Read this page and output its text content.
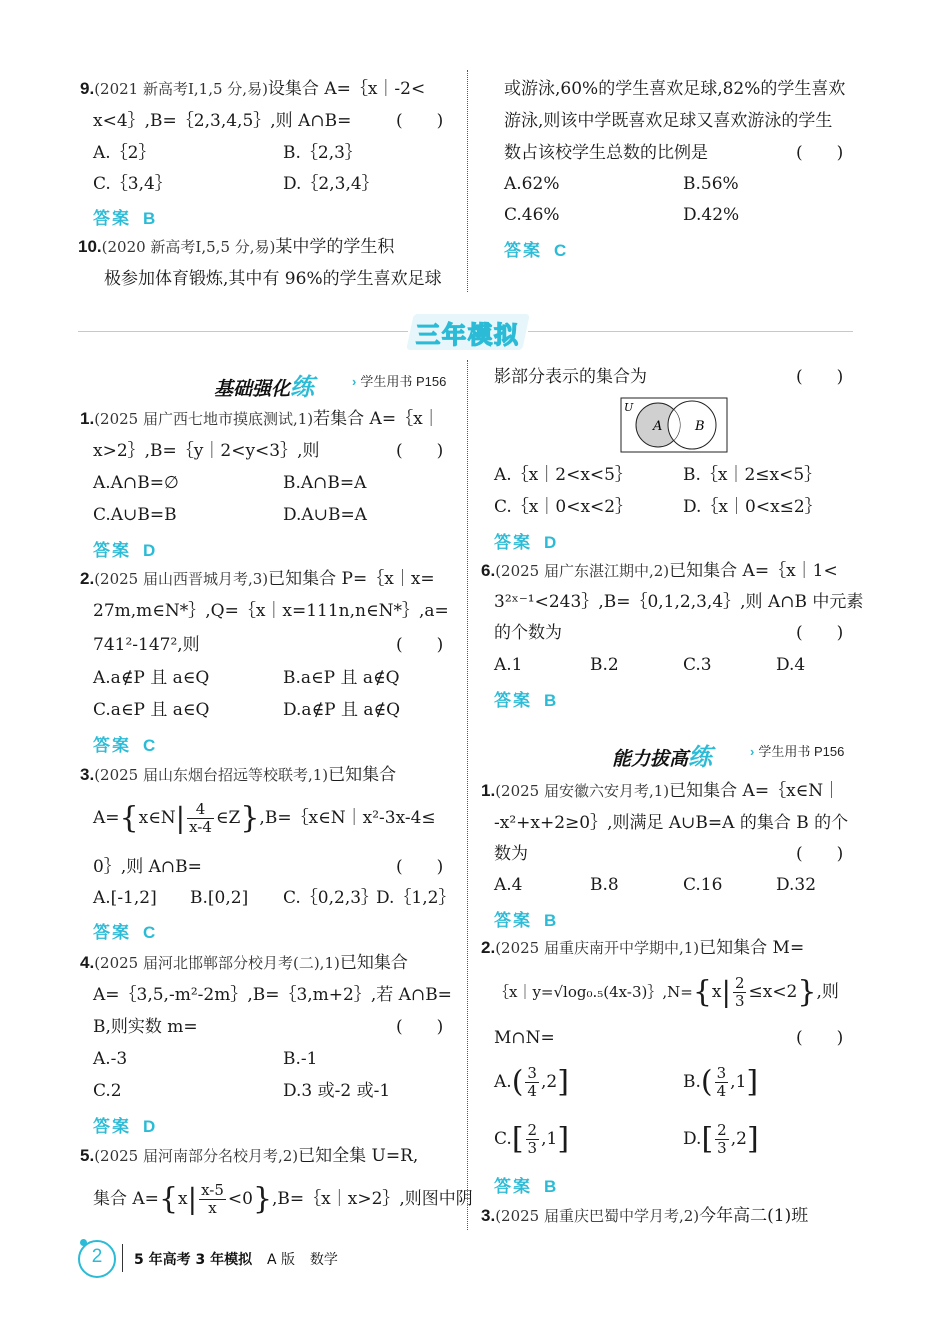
9.(2021 新高考Ⅰ,1,5 分,易)设集合 A=｛x｜-2<
x<4｝,B=｛2,3,4,5｝,则 A∩B=	(　　)
A.｛2｝	B.｛2,3｝
C.｛3,4｝	D.｛2,3,4｝
答案 B
10.(2020 新高考Ⅰ,5,5 分,易)某中学的学生积
极参加体育锻炼,其中有 96%的学生喜欢足球
或游泳,60%的学生喜欢足球,82%的学生喜欢
游泳,则该中学既喜欢足球又喜欢游泳的学生
数占该校学生总数的比例是	(　　)
A.62%	B.56%
C.46%	D.42%
答案 C
三年模拟
基础强化练	› 学生用书 P156
1.(2025 届广西七地市摸底测试,1)若集合 A=｛x｜
x>2｝,B=｛y｜2<y<3｝,则	(　　)
A.A∩B=∅	B.A∩B=A
C.A∪B=B	D.A∪B=A
答案 D
2.(2025 届山西晋城月考,3)已知集合 P=｛x｜x=
27m,m∈N*｝,Q=｛x｜x=111n,n∈N*｝,a=
741²-147²,则	(　　)
A.a∉P 且 a∈Q	B.a∈P 且 a∉Q
C.a∈P 且 a∈Q	D.a∉P 且 a∉Q
答案 C
3.(2025 届山东烟台招远等校联考,1)已知集合
A={x∈N| $\frac{4}{x-4}$ ∈Z},B=｛x∈N｜x²-3x-4≤
0｝,则 A∩B=	(　　)
A.[-1,2] B.[0,2] C.｛0,2,3｝
D.｛1,2｝
答案 C
4.(2025 届河北邯郸部分校月考(二),1)已知集合
A=｛3,5,-m²-2m｝,B=｛3,m+2｝,若 A∩B=
B,则实数 m=	(　　)
A.-3	B.-1
C.2	D.3 或-2 或-1
答案 D
5.(2025 届河南部分名校月考,2)已知全集 U=R,
集合 $A=\{x| \frac{x-5}{x}$ <0},B=｛x｜x>2｝,则图中阴
影部分表示的集合为	(　　)
U
A	B
A.｛x｜2<x<5｝	B.｛x｜2≤x<5｝
C.｛x｜0<x<2｝	D.｛x｜0<x≤2｝
答案 D
6.(2025 届广东湛江期中,2)已知集合 A=｛x｜1<
3²ˣ⁻¹<243｝,B=｛0,1,2,3,4｝,则 A∩B 中元素
的个数为	(　　)
A.1	B.2	C.3	D.4
答案 B
能力拔高练	› 学生用书 P156
1.(2025 届安徽六安月考,1)已知集合 A=｛x∈N｜
-x²+x+2≥0｝,则满足 A∪B=A 的集合 B 的个
数为	(　　)
A.4	B.8	C.16	D.32
答案 B
2.(2025 届重庆南开中学期中,1)已知集合 M=
｛x｜y=√log₀.₅(4x-3)｝,N={x| $\frac{2}{3} \le x<2$},则
M∩N=	(　　)
$A.( \frac{3}{4} ,2]$	$B.( \frac{3}{4} ,1]$
$C.[ \frac{2}{3} ,1]$	$D.[ \frac{2}{3} ,2]$
答案 B
3.(2025 届重庆巴蜀中学月考,2)今年高二(1)班
2	5 年高考 3 年模拟 A 版 数学
